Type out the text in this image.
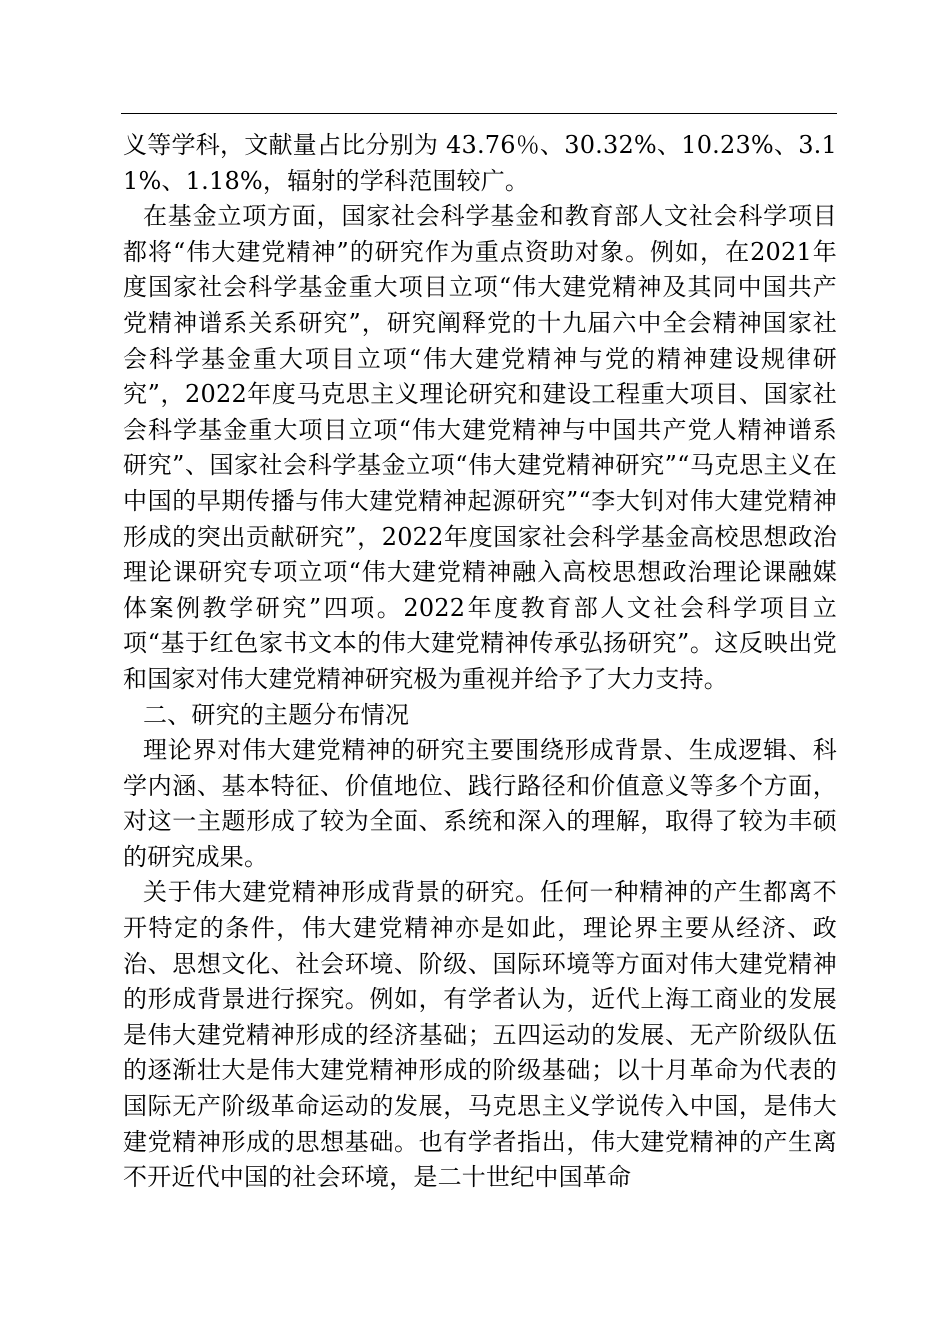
义等学科，文献量占比分别为 43.76％、30.32%、10.23%、3.11%、1.18%，辐射的学科范围较广。

在基金立项方面，国家社会科学基金和教育部人文社会科学项目都将“伟大建党精神”的研究作为重点资助对象。例如，在2021年度国家社会科学基金重大项目立项“伟大建党精神及其同中国共产党精神谱系关系研究”，研究阐释党的十九届六中全会精神国家社会科学基金重大项目立项“伟大建党精神与党的精神建设规律研究”，2022年度马克思主义理论研究和建设工程重大项目、国家社会科学基金重大项目立项“伟大建党精神与中国共产党人精神谱系研究”、国家社会科学基金立项“伟大建党精神研究”“马克思主义在中国的早期传播与伟大建党精神起源研究”“李大钊对伟大建党精神形成的突出贡献研究”，2022年度国家社会科学基金高校思想政治理论课研究专项立项“伟大建党精神融入高校思想政治理论课融媒体案例教学研究”四项。2022年度教育部人文社会科学项目立项“基于红色家书文本的伟大建党精神传承弘扬研究”。这反映出党和国家对伟大建党精神研究极为重视并给予了大力支持。

二、研究的主题分布情况

理论界对伟大建党精神的研究主要围绕形成背景、生成逻辑、科学内涵、基本特征、价值地位、践行路径和价值意义等多个方面，对这一主题形成了较为全面、系统和深入的理解，取得了较为丰硕的研究成果。

关于伟大建党精神形成背景的研究。任何一种精神的产生都离不开特定的条件，伟大建党精神亦是如此，理论界主要从经济、政治、思想文化、社会环境、阶级、国际环境等方面对伟大建党精神的形成背景进行探究。例如，有学者认为，近代上海工商业的发展是伟大建党精神形成的经济基础；五四运动的发展、无产阶级队伍的逐渐壮大是伟大建党精神形成的阶级基础；以十月革命为代表的国际无产阶级革命运动的发展，马克思主义学说传入中国，是伟大建党精神形成的思想基础。也有学者指出，伟大建党精神的产生离不开近代中国的社会环境，是二十世纪中国革命
